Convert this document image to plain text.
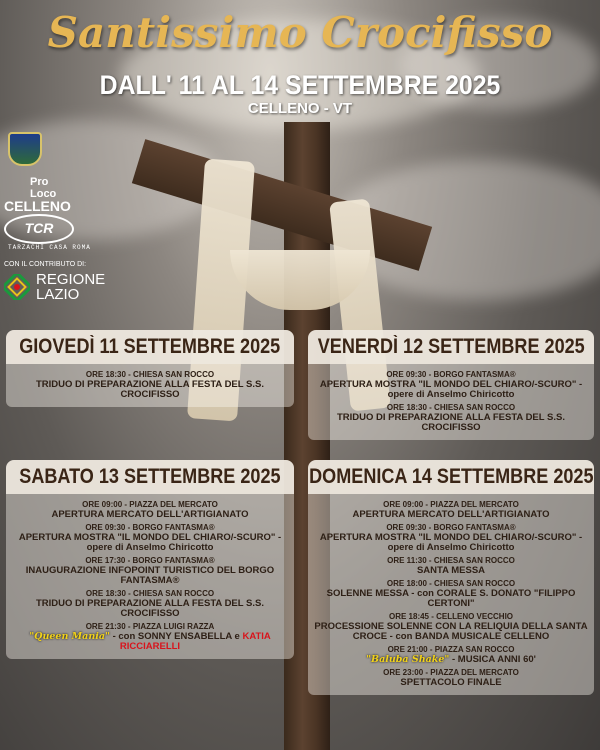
Santissimo Crocifisso
DALL' 11 AL 14 SETTEMBRE 2025
CELLENO - VT
Pro Loco
CELLENO
TCR
TARZACHI CASA ROMA
CON IL CONTRIBUTO DI:
REGIONE
LAZIO
GIOVEDÌ 11 SETTEMBRE 2025
ORE 18:30 - CHIESA SAN ROCCO
TRIDUO DI PREPARAZIONE ALLA FESTA DEL S.S. CROCIFISSO
VENERDÌ 12 SETTEMBRE 2025
ORE 09:30 - BORGO FANTASMA®
APERTURA MOSTRA "IL MONDO DEL CHIARO/-SCURO" - opere di Anselmo Chiricotto
ORE 18:30 - CHIESA SAN ROCCO
TRIDUO DI PREPARAZIONE ALLA FESTA DEL S.S. CROCIFISSO
SABATO 13 SETTEMBRE 2025
ORE 09:00 - PIAZZA DEL MERCATO
APERTURA MERCATO DELL'ARTIGIANATO
ORE 09:30 - BORGO FANTASMA®
APERTURA MOSTRA "IL MONDO DEL CHIARO/-SCURO" - opere di Anselmo Chiricotto
ORE 17:30 - BORGO FANTASMA®
INAUGURAZIONE INFOPOINT TURISTICO DEL BORGO FANTASMA®
ORE 18:30 - CHIESA SAN ROCCO
TRIDUO DI PREPARAZIONE ALLA FESTA DEL S.S. CROCIFISSO
ORE 21:30 - PIAZZA LUIGI RAZZA
"Queen Mania" - con SONNY ENSABELLA e KATIA RICCIARELLI
DOMENICA 14 SETTEMBRE 2025
ORE 09:00 - PIAZZA DEL MERCATO
APERTURA MERCATO DELL'ARTIGIANATO
ORE 09:30 - BORGO FANTASMA®
APERTURA MOSTRA "IL MONDO DEL CHIARO/-SCURO" - opere di Anselmo Chiricotto
ORE 11:30 - CHIESA SAN ROCCO
SANTA MESSA
ORE 18:00 - CHIESA SAN ROCCO
SOLENNE MESSA - con CORALE S. DONATO "FILIPPO CERTONI"
ORE 18:45 - CELLENO VECCHIO
PROCESSIONE SOLENNE CON LA RELIQUIA DELLA SANTA CROCE - con BANDA MUSICALE CELLENO
ORE 21:00 - PIAZZA SAN ROCCO
"Baluba Shake" - MUSICA ANNI 60'
ORE 23:00 - PIAZZA DEL MERCATO
SPETTACOLO FINALE
